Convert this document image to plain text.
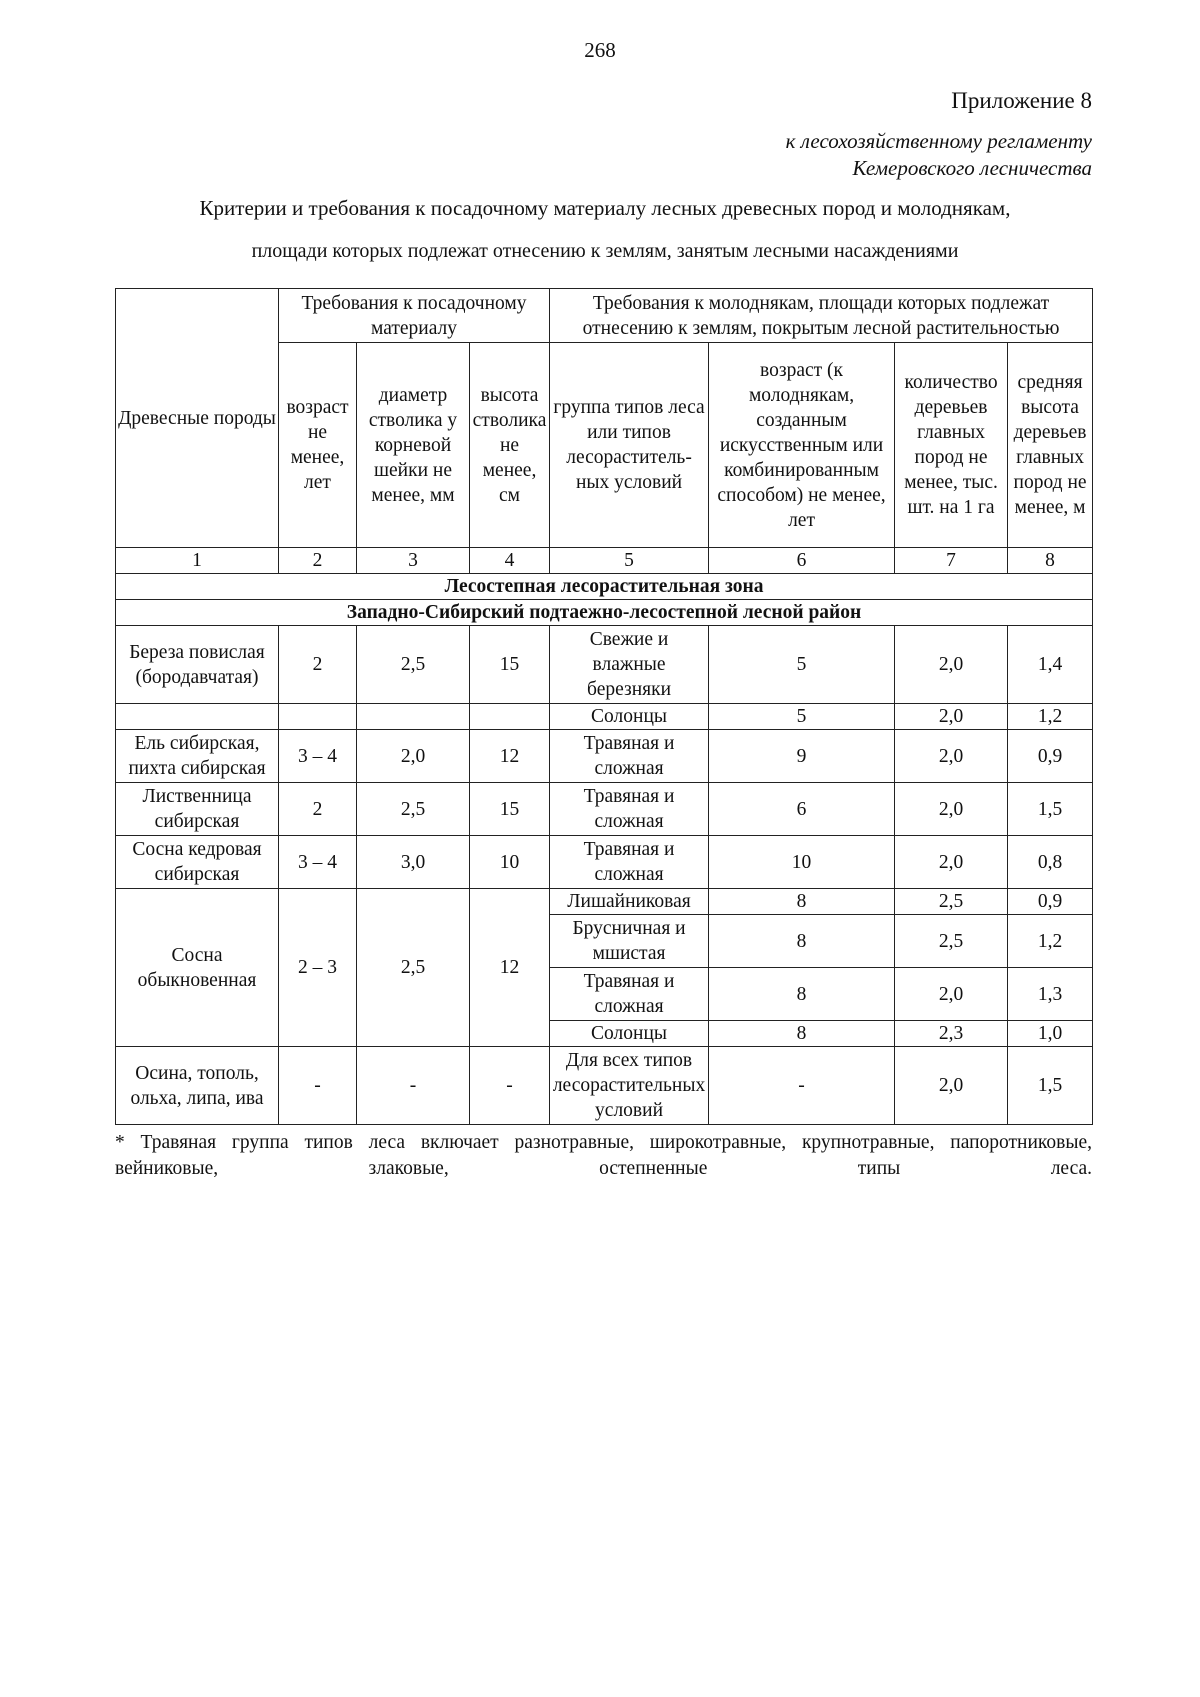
268
Приложение 8
к лесохозяйственному регламенту
Кемеровского лесничества
Критерии и требования к посадочному материалу лесных древесных пород и молоднякам,
площади которых подлежат отнесению к землям, занятым лесными насаждениями
Древесные породы	Требования к посадочному материалу			Требования к молоднякам, площади которых подлежат отнесению к землям, покрытым лесной растительностью			
	возраст не менее, лет	диаметр стволика у корневой шейки не менее, мм	высота стволика не менее, см	группа типов леса или типов лесораститель-ных условий	возраст (к молоднякам, созданным искусственным или комбинированным способом) не менее, лет	количество деревьев главных пород не менее, тыс. шт. на 1 га	средняя высота деревьев главных пород не менее, м
1	2	3	4	5	6	7	8
Лесостепная лесорастительная зона							
Западно-Сибирский подтаежно-лесостепной лесной район							
Береза повислая (бородавчатая)	2	2,5	15	Свежие и влажные березняки	5	2,0	1,4
				Солонцы	5	2,0	1,2
Ель сибирская, пихта сибирская	3 – 4	2,0	12	Травяная и сложная	9	2,0	0,9
Лиственница сибирская	2	2,5	15	Травяная и сложная	6	2,0	1,5
Сосна кедровая сибирская	3 – 4	3,0	10	Травяная и сложная	10	2,0	0,8
Сосна обыкновенная	2 – 3	2,5	12	Лишайниковая	8	2,5	0,9
				Брусничная и мшистая	8	2,5	1,2
				Травяная и сложная	8	2,0	1,3
				Солонцы	8	2,3	1,0
Осина, тополь, ольха, липа, ива	-	-	-	Для всех типов лесорастительных условий	-	2,0	1,5
* Травяная группа типов леса включает разнотравные, широкотравные, крупнотравные, папоротниковые, вейниковые, злаковые, остепненные типы леса.
